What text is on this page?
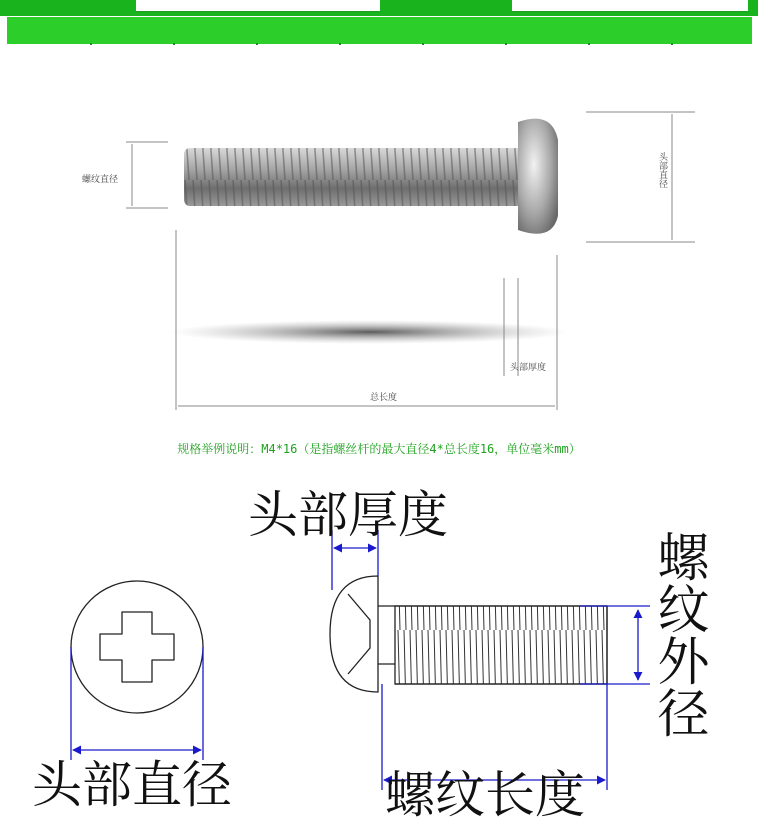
螺纹直径	头部直径
头部厚度
总长度
规格举例说明：M4*16（是指螺丝杆的最大直径4*总长度16，单位毫米mm）
头部厚度
螺纹外径
头部直径	螺纹长度
